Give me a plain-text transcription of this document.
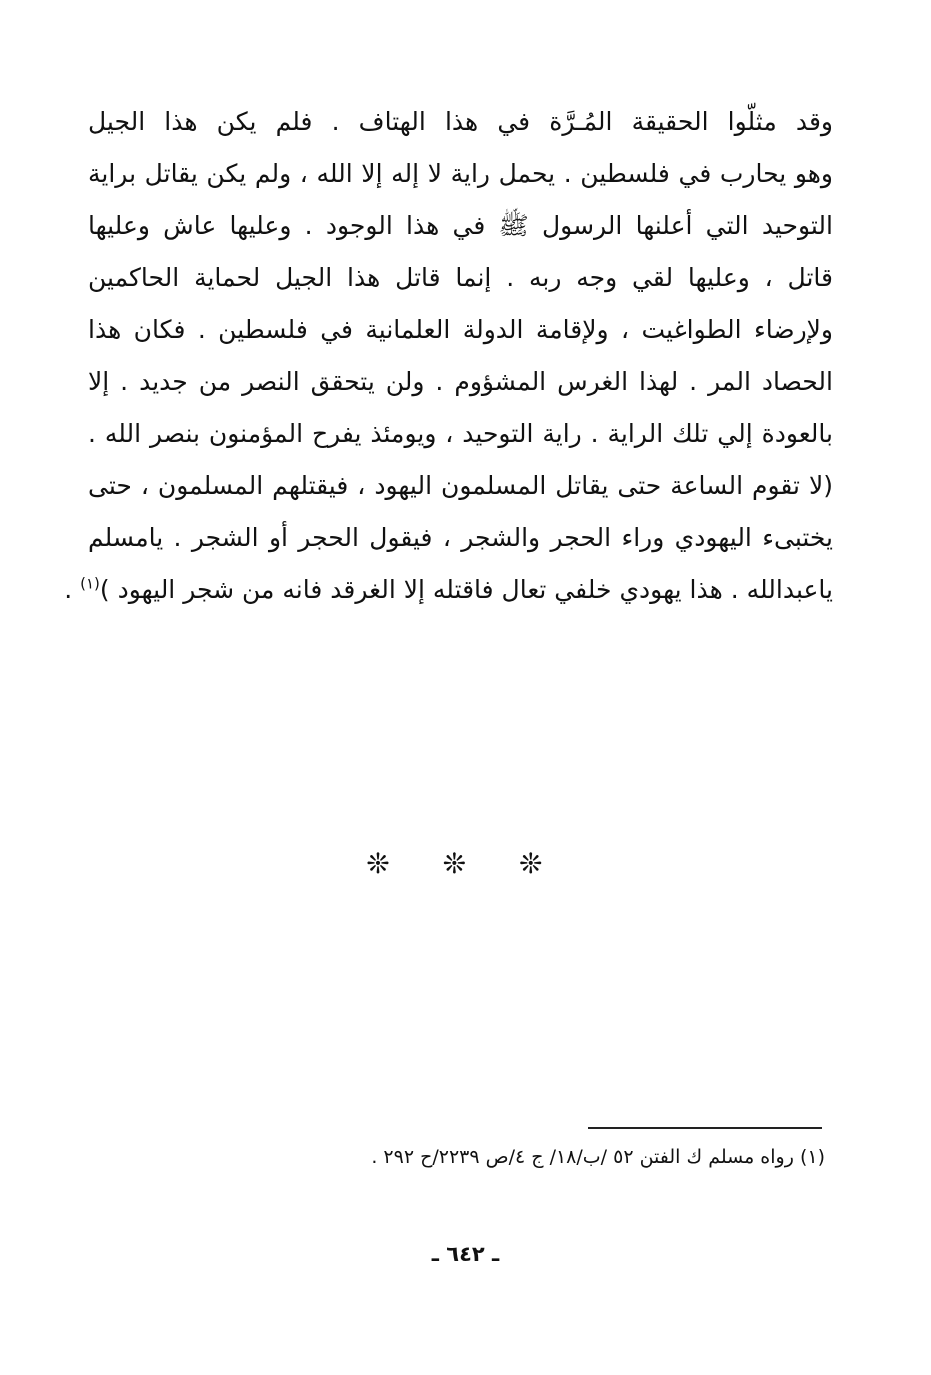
وقد مثلّوا الحقيقة المُـرَّة في هذا الهتاف . فلم يكن هذا الجيل
وهو يحارب في فلسطين . يحمل راية لا إله إلا الله ، ولم يكن يقاتل براية
التوحيد التي أعلنها الرسول ﷺ في هذا الوجود . وعليها عاش وعليها
قاتل ، وعليها لقي وجه ربه . إنما قاتل هذا الجيل لحماية الحاكمين
ولإرضاء الطواغيت ، ولإقامة الدولة العلمانية في فلسطين . فكان هذا
الحصاد المر . لهذا الغرس المشؤوم . ولن يتحقق النصر من جديد . إلا
بالعودة إلي تلك الراية . راية التوحيد ، ويومئذ يفرح المؤمنون بنصر الله .
(لا تقوم الساعة حتى يقاتل المسلمون اليهود ، فيقتلهم المسلمون ، حتى
يختبىء اليهودي وراء الحجر والشجر ، فيقول الحجر أو الشجر . يامسلم
ياعبدالله . هذا يهودي خلفي تعال فاقتله إلا الغرقد فانه من شجر اليهود )$^{(١)}$ .
❊ ❊ ❊
(١) رواه مسلم ك الفتن ٥٢ /ب/١٨/ ج ٤/ص ٢٢٣٩/ح ٢٩٢ .
ـ ٦٤٢ ـ
